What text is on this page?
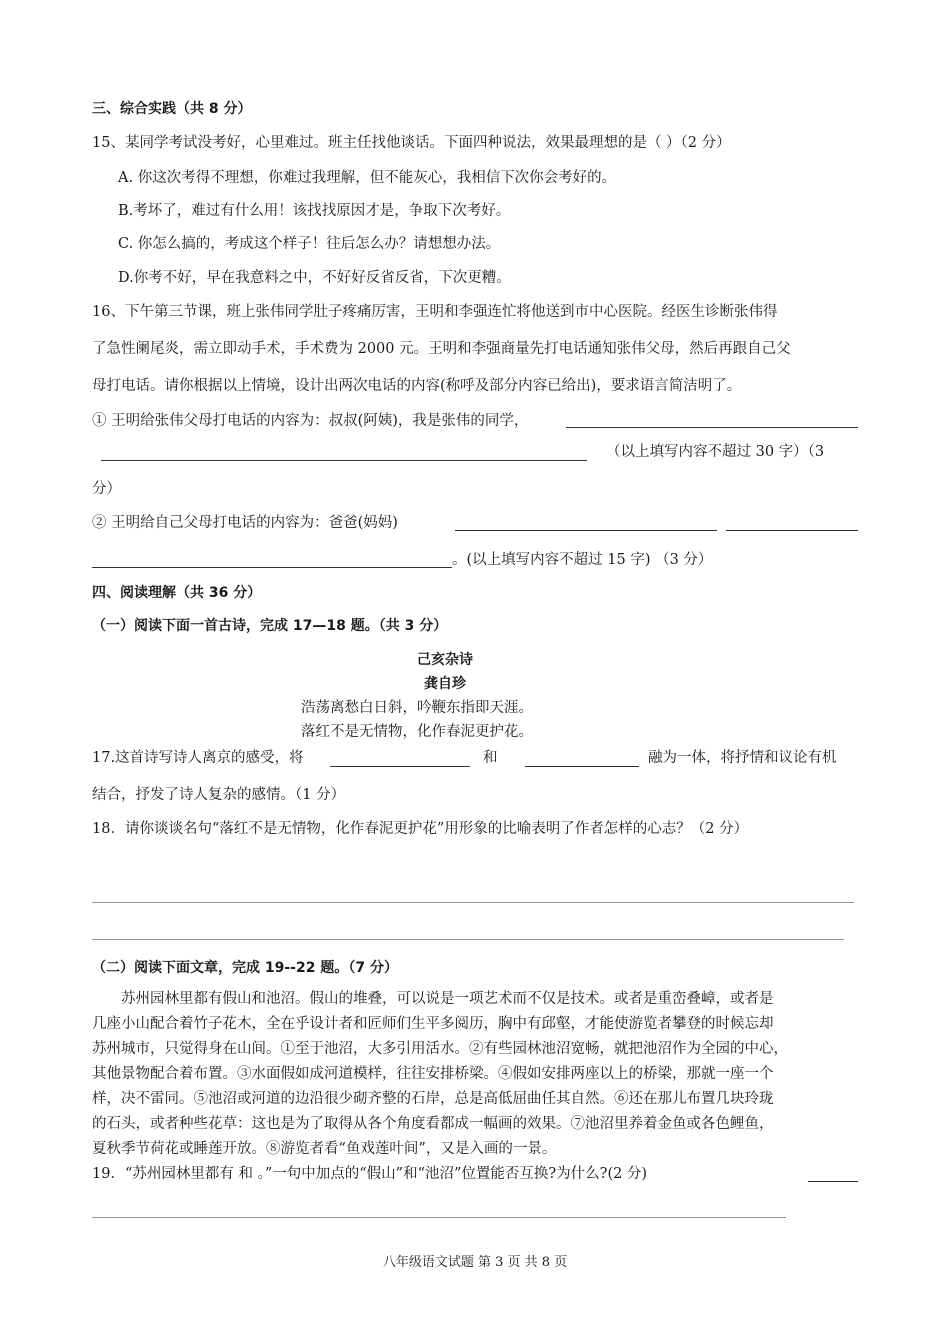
三、综合实践（共 8 分）
15、某同学考试没考好，心里难过。班主任找他谈话。下面四种说法，效果最理想的是（ ）（2 分）
A. 你这次考得不理想，你难过我理解，但不能灰心，我相信下次你会考好的。
B.考坏了，难过有什么用！该找找原因才是，争取下次考好。
C. 你怎么搞的，考成这个样子！往后怎么办？请想想办法。
D.你考不好，早在我意料之中，不好好反省反省，下次更糟。
16、下午第三节课，班上张伟同学肚子疼痛厉害，王明和李强连忙将他送到市中心医院。经医生诊断张伟得
了急性阑尾炎，需立即动手术，手术费为 2000 元。王明和李强商量先打电话通知张伟父母，然后再跟自己父
母打电话。请你根据以上情境，设计出两次电话的内容(称呼及部分内容已给出)，要求语言简洁明了。
① 王明给张伟父母打电话的内容为：叔叔(阿姨)，我是张伟的同学，
（以上填写内容不超过 30 字）（3
分）
② 王明给自己父母打电话的内容为：爸爸(妈妈)
。(以上填写内容不超过 15 字) （3 分）
四、阅读理解（共 36 分）
（一）阅读下面一首古诗，完成 17—18 题。（共 3 分）
己亥杂诗
龚自珍
浩荡离愁白日斜，吟鞭东指即天涯。
落红不是无情物，化作春泥更护花。
17.这首诗写诗人离京的感受，将	和	融为一体，将抒情和议论有机
结合，抒发了诗人复杂的感情。（1 分）
18．请你谈谈名句“落红不是无情物，化作春泥更护花”用形象的比喻表明了作者怎样的心志？（2 分）
（二）阅读下面文章，完成 19--22 题。（7 分）
苏州园林里都有假山和池沼。假山的堆叠，可以说是一项艺术而不仅是技术。或者是重峦叠嶂，或者是
几座小山配合着竹子花木，全在乎设计者和匠师们生平多阅历，胸中有邱壑，才能使游览者攀登的时候忘却
苏州城市，只觉得身在山间。①至于池沼，大多引用活水。②有些园林池沼宽畅，就把池沼作为全园的中心，
其他景物配合着布置。③水面假如成河道模样，往往安排桥梁。④假如安排两座以上的桥梁，那就一座一个
样，决不雷同。⑤池沼或河道的边沿很少砌齐整的石岸，总是高低屈曲任其自然。⑥还在那儿布置几块玲珑
的石头，或者种些花草：这也是为了取得从各个角度看都成一幅画的效果。⑦池沼里养着金鱼或各色鲤鱼，
夏秋季节荷花或睡莲开放。⑧游览者看“鱼戏莲叶间”，又是入画的一景。
19．“苏州园林里都有 和 。”一句中加点的“假山”和“池沼”位置能否互换?为什么?(2 分)
八年级语文试题 第 3 页 共 8 页
